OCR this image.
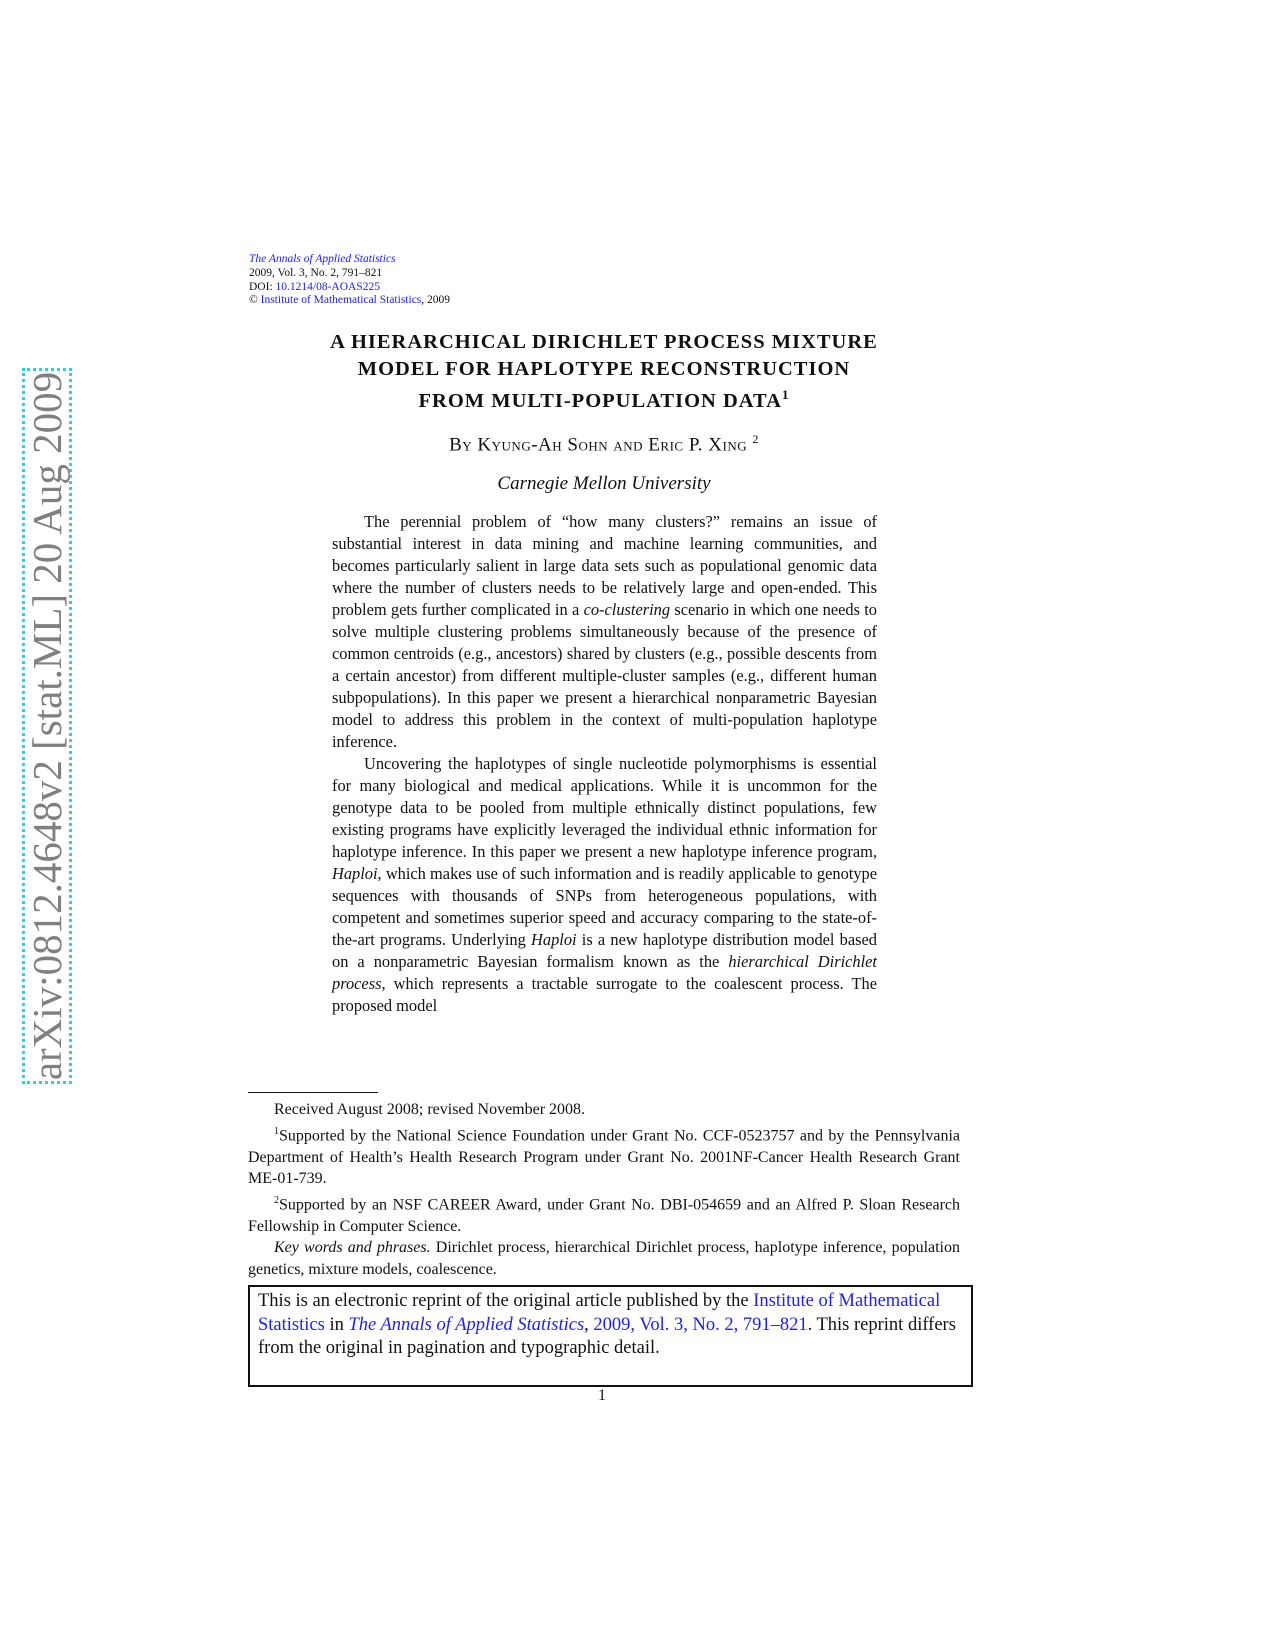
arXiv:0812.4648v2 [stat.ML] 20 Aug 2009
The Annals of Applied Statistics
2009, Vol. 3, No. 2, 791–821
DOI: 10.1214/08-AOAS225
© Institute of Mathematical Statistics, 2009
A HIERARCHICAL DIRICHLET PROCESS MIXTURE
MODEL FOR HAPLOTYPE RECONSTRUCTION
FROM MULTI-POPULATION DATA$^1$
By Kyung-Ah Sohn and Eric P. Xing $^2$
Carnegie Mellon University

The perennial problem of “how many clusters?” remains an issue of substantial interest in data mining and machine learning communities, and becomes particularly salient in large data sets such as populational genomic data where the number of clusters needs to be relatively large and open-ended. This problem gets further complicated in a co-clustering scenario in which one needs to solve multiple clustering problems simultaneously because of the presence of common centroids (e.g., ancestors) shared by clusters (e.g., possible descents from a certain ancestor) from different multiple-cluster samples (e.g., different human subpopulations). In this paper we present a hierarchical nonparametric Bayesian model to address this problem in the context of multi-population haplotype inference.

Uncovering the haplotypes of single nucleotide polymorphisms is essential for many biological and medical applications. While it is uncommon for the genotype data to be pooled from multiple ethnically distinct populations, few existing programs have explicitly leveraged the individual ethnic information for haplotype inference. In this paper we present a new haplotype inference program, Haploi, which makes use of such information and is readily applicable to genotype sequences with thousands of SNPs from heterogeneous populations, with competent and sometimes superior speed and accuracy comparing to the state-of-the-art programs. Underlying Haploi is a new haplotype distribution model based on a nonparametric Bayesian formalism known as the hierarchical Dirichlet process, which represents a tractable surrogate to the coalescent process. The proposed model

Received August 2008; revised November 2008.

$^1$Supported by the National Science Foundation under Grant No. CCF-0523757 and by the Pennsylvania Department of Health’s Health Research Program under Grant No. 2001NF-Cancer Health Research Grant ME-01-739.

$^2$Supported by an NSF CAREER Award, under Grant No. DBI-054659 and an Alfred P. Sloan Research Fellowship in Computer Science.

Key words and phrases. Dirichlet process, hierarchical Dirichlet process, haplotype inference, population genetics, mixture models, coalescence.

This is an electronic reprint of the original article published by the Institute of Mathematical Statistics in The Annals of Applied Statistics, 2009, Vol. 3, No. 2, 791–821. This reprint differs from the original in pagination and typographic detail.
1
